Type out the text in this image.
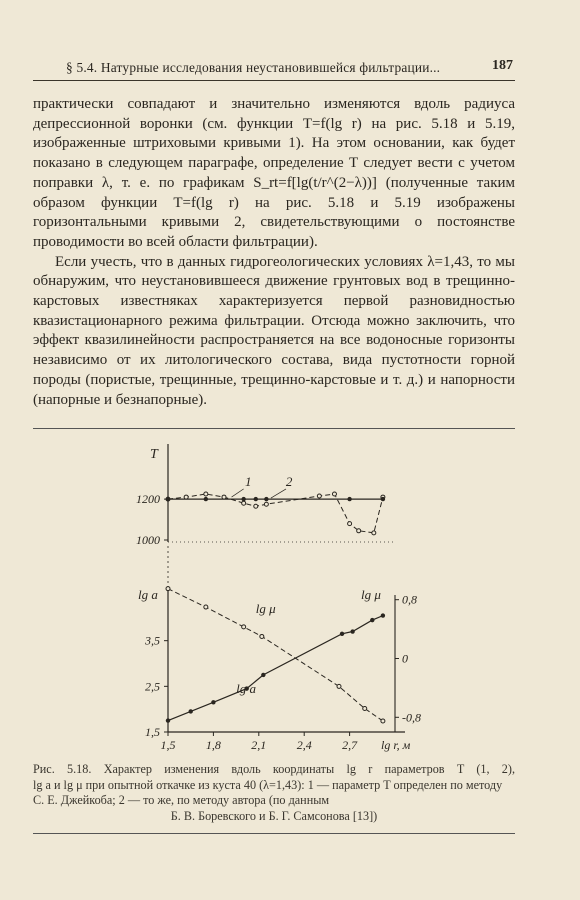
§ 5.4. Натурные исследования неустановившейся фильтрации...	187

практически совпадают и значительно изменяются вдоль радиуса депрессионной воронки (см. функции T=f(lg r) на рис. 5.18 и 5.19, изображенные штриховыми кривыми 1). На этом основании, как будет показано в следующем параграфе, определение T следует вести с учетом поправки λ, т. е. по графикам S_rt=f[lg(t/r^(2−λ))] (полученные таким образом функции T=f(lg r) на рис. 5.18 и 5.19 изображены горизонтальными кривыми 2, свидетельствующими о постоянстве проводимости во всей области фильтрации).

Если учесть, что в данных гидрогеологических условиях λ=1,43, то мы обнаружим, что неустановившееся движение грунтовых вод в трещинно-карстовых известняках характеризуется первой разновидностью квазистационарного режима фильтрации. Отсюда можно заключить, что эффект квазилинейности распространяется на все водоносные горизонты независимо от их литологического состава, вида пустотности горной породы (пористые, трещинные, трещинно-карстовые и т. д.) и напорности (напорные и безнапорные).

T
1200
1000
lg a	lg μ
1,5
2,5
3,5
-0,8
0
0,8
1,5	1,8	2,1	2,4	2,7 lg r, м
1	2
lg a
lg μ
Рис. 5.18. Характер изменения вдоль координаты lg r параметров T (1, 2),
lg a и lg μ при опытной откачке из куста 40 (λ=1,43): 1 — параметр T определен по методу С. Е. Джейкоба; 2 — то же, по методу автора (по данным
Б. В. Боревского и Б. Г. Самсонова [13])
